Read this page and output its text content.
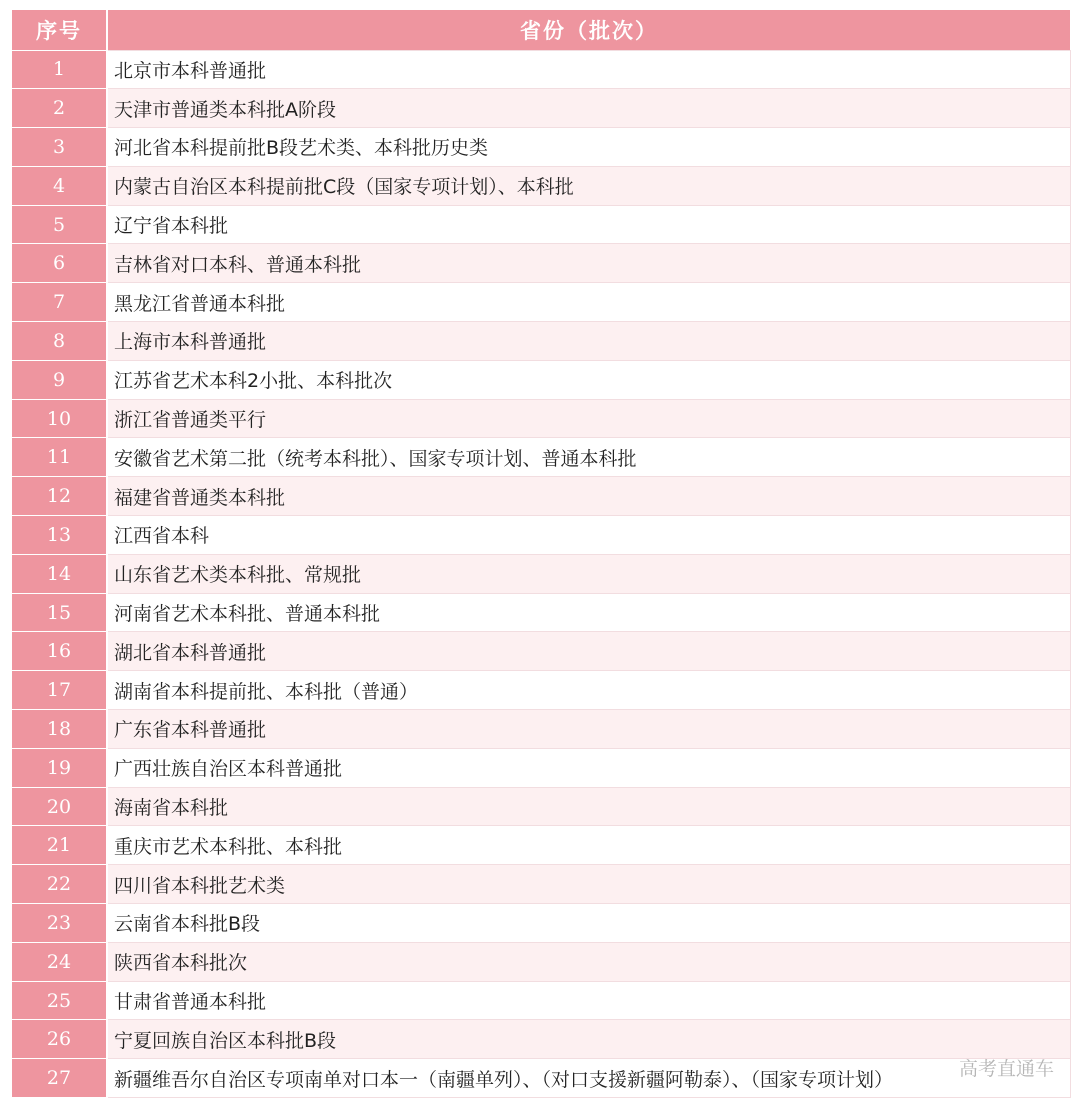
序号	省份（批次）
1	北京市本科普通批
2	天津市普通类本科批A阶段
3	河北省本科提前批B段艺术类、本科批历史类
4	内蒙古自治区本科提前批C段（国家专项计划）、本科批
5	辽宁省本科批
6	吉林省对口本科、普通本科批
7	黑龙江省普通本科批
8	上海市本科普通批
9	江苏省艺术本科2小批、本科批次
10	浙江省普通类平行
11	安徽省艺术第二批（统考本科批）、国家专项计划、普通本科批
12	福建省普通类本科批
13	江西省本科
14	山东省艺术类本科批、常规批
15	河南省艺术本科批、普通本科批
16	湖北省本科普通批
17	湖南省本科提前批、本科批（普通）
18	广东省本科普通批
19	广西壮族自治区本科普通批
20	海南省本科批
21	重庆市艺术本科批、本科批
22	四川省本科批艺术类
23	云南省本科批B段
24	陕西省本科批次
25	甘肃省普通本科批
26	宁夏回族自治区本科批B段
27	新疆维吾尔自治区专项南单对口本一（南疆单列）、（对口支援新疆阿勒泰）、（国家专项计划）	高考直通车
